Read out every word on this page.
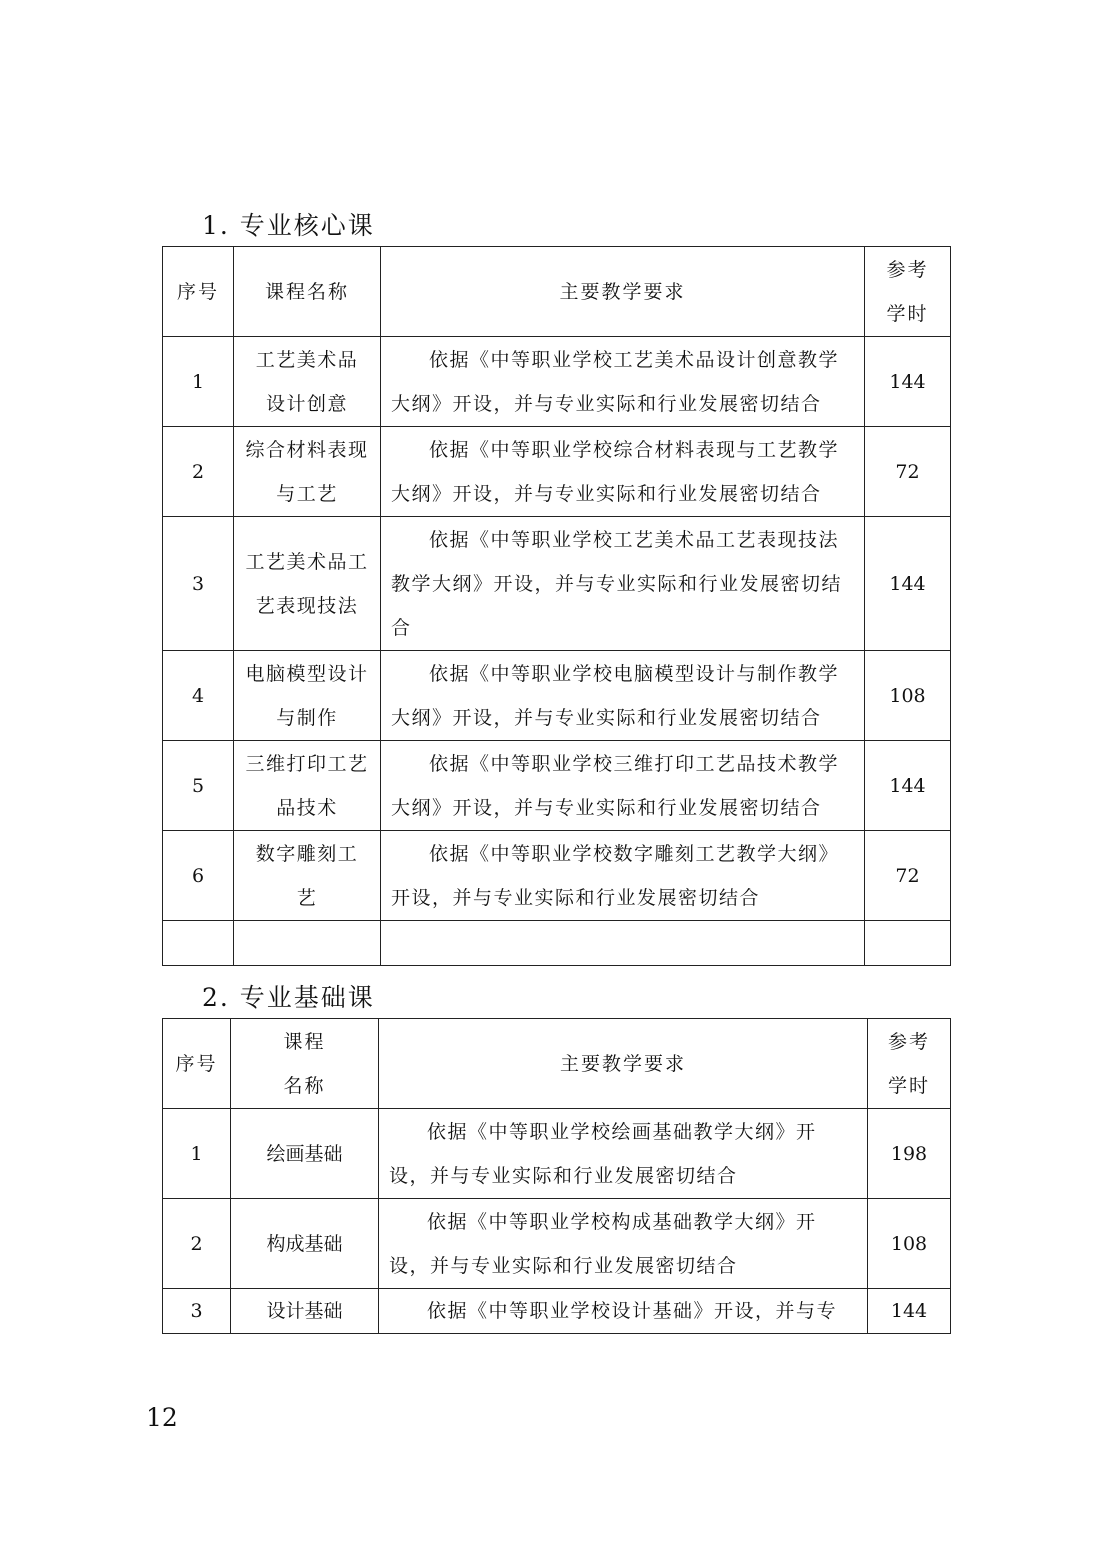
1. 专业核心课
序号	课程名称	主要教学要求	参考学时

1	工艺美术品设计创意	依据《中等职业学校工艺美术品设计创意教学大纲》开设，并与专业实际和行业发展密切结合	144
2	综合材料表现与工艺	依据《中等职业学校综合材料表现与工艺教学大纲》开设，并与专业实际和行业发展密切结合	72
3	工艺美术品工艺表现技法	依据《中等职业学校工艺美术品工艺表现技法教学大纲》开设，并与专业实际和行业发展密切结合	144
4	电脑模型设计与制作	依据《中等职业学校电脑模型设计与制作教学大纲》开设，并与专业实际和行业发展密切结合	108
5	三维打印工艺品技术	依据《中等职业学校三维打印工艺品技术教学大纲》开设，并与专业实际和行业发展密切结合	144
6	数字雕刻工艺	依据《中等职业学校数字雕刻工艺教学大纲》开设，并与专业实际和行业发展密切结合	72

2. 专业基础课
序号	课程名称	主要教学要求	参考学时

1	绘画基础	依据《中等职业学校绘画基础教学大纲》开设，并与专业实际和行业发展密切结合	198
2	构成基础	依据《中等职业学校构成基础教学大纲》开设，并与专业实际和行业发展密切结合	108
3	设计基础	依据《中等职业学校设计基础》开设，并与专	144
12
